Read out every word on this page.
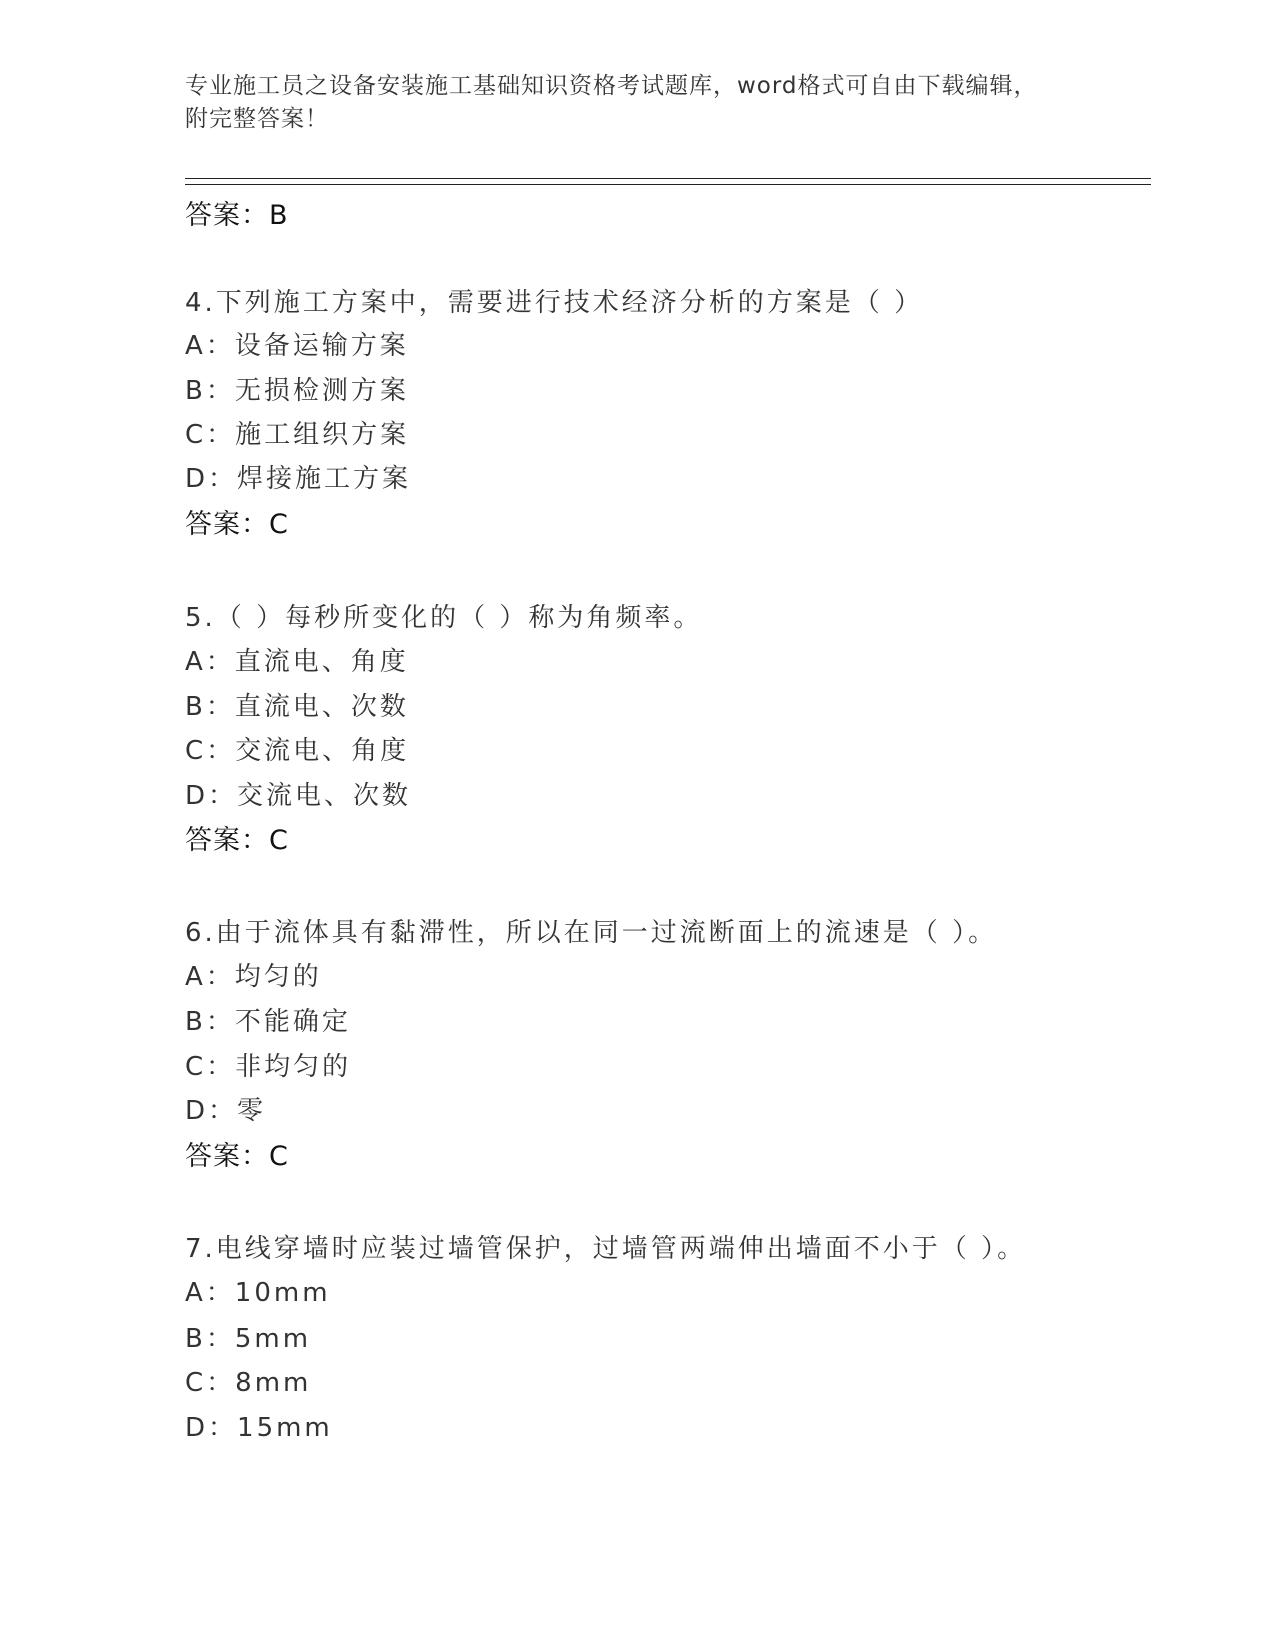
专业施工员之设备安装施工基础知识资格考试题库，word格式可自由下载编辑，
附完整答案！
答案：B
4.下列施工方案中，需要进行技术经济分析的方案是（ ）
A：设备运输方案
B：无损检测方案
C：施工组织方案
D：焊接施工方案
答案：C
5.（ ）每秒所变化的（ ）称为角频率。
A：直流电、角度
B：直流电、次数
C：交流电、角度
D：交流电、次数
答案：C
6.由于流体具有黏滞性，所以在同一过流断面上的流速是（ ）。
A：均匀的
B：不能确定
C：非均匀的
D：零
答案：C
7.电线穿墙时应装过墙管保护，过墙管两端伸出墙面不小于（ ）。
A：10mm
B：5mm
C：8mm
D：15mm
